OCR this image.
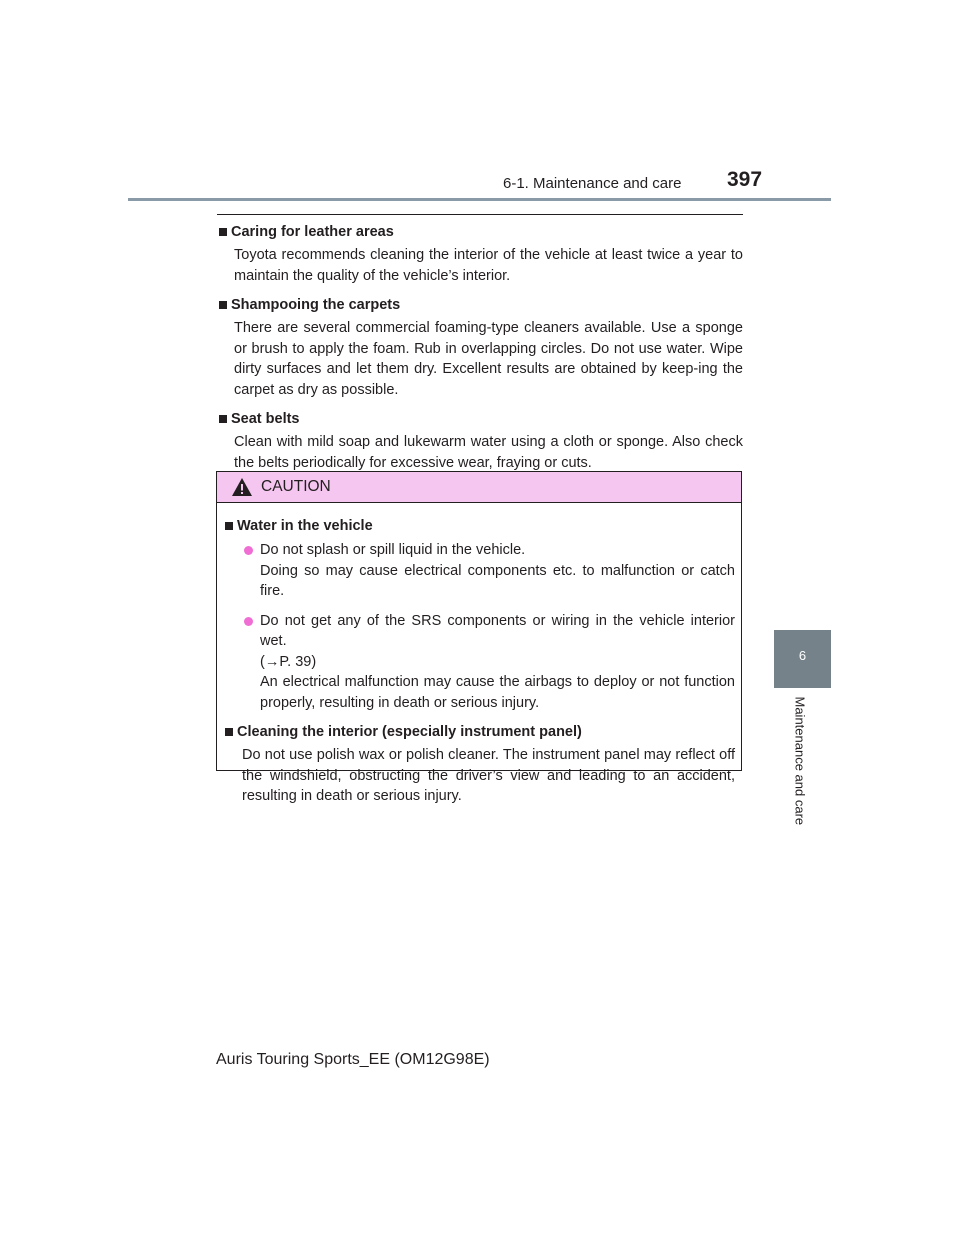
6-1. Maintenance and care 397
Caring for leather areas
Toyota recommends cleaning the interior of the vehicle at least twice a year to maintain the quality of the vehicle’s interior.
Shampooing the carpets
There are several commercial foaming-type cleaners available. Use a sponge or brush to apply the foam. Rub in overlapping circles. Do not use water. Wipe dirty surfaces and let them dry. Excellent results are obtained by keep-ing the carpet as dry as possible.
Seat belts
Clean with mild soap and lukewarm water using a cloth or sponge. Also check the belts periodically for excessive wear, fraying or cuts.
CAUTION
Water in the vehicle
Do not splash or spill liquid in the vehicle.
Doing so may cause electrical components etc. to malfunction or catch fire.
Do not get any of the SRS components or wiring in the vehicle interior wet.
(→P. 39)
An electrical malfunction may cause the airbags to deploy or not function properly, resulting in death or serious injury.
Cleaning the interior (especially instrument panel)
Do not use polish wax or polish cleaner. The instrument panel may reflect off the windshield, obstructing the driver’s view and leading to an accident, resulting in death or serious injury.
6
Maintenance and care
Auris Touring Sports_EE (OM12G98E)
